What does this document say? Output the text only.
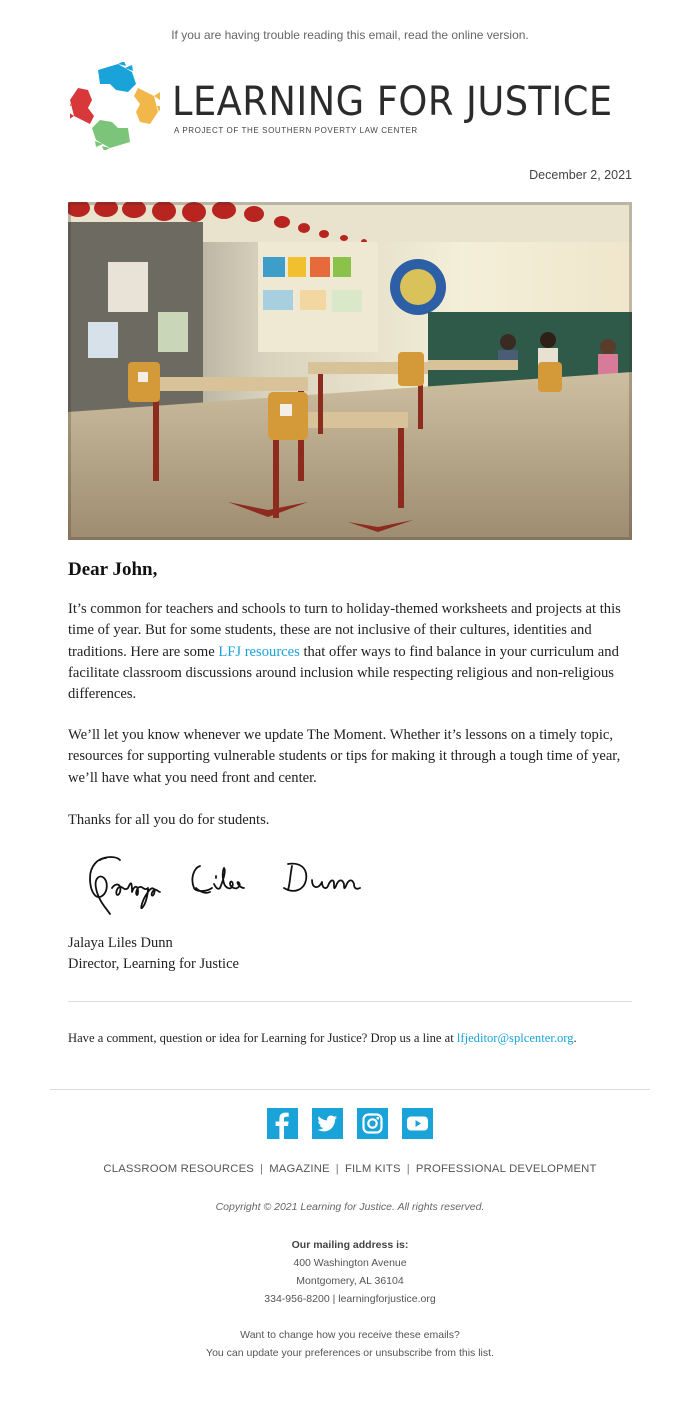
If you are having trouble reading this email, read the online version.
LEARNING FOR JUSTICE
A PROJECT OF THE SOUTHERN POVERTY LAW CENTER
December 2, 2021
Dear John,
It’s common for teachers and schools to turn to holiday-themed worksheets and projects at this time of year. But for some students, these are not inclusive of their cultures, identities and traditions. Here are some LFJ resources that offer ways to find balance in your curriculum and facilitate classroom discussions around inclusion while respecting religious and non-religious differences.
We’ll let you know whenever we update The Moment. Whether it’s lessons on a timely topic, resources for supporting vulnerable students or tips for making it through a tough time of year, we’ll have what you need front and center.
Thanks for all you do for students.
Jalaya Liles Dunn
Director, Learning for Justice
Have a comment, question or idea for Learning for Justice? Drop us a line at lfjeditor@splcenter.org.
CLASSROOM RESOURCES | MAGAZINE | FILM KITS | PROFESSIONAL DEVELOPMENT
Copyright © 2021 Learning for Justice. All rights reserved.
Our mailing address is:
400 Washington Avenue
Montgomery, AL 36104
334-956-8200 | learningforjustice.org
Want to change how you receive these emails?
You can update your preferences or unsubscribe from this list.
